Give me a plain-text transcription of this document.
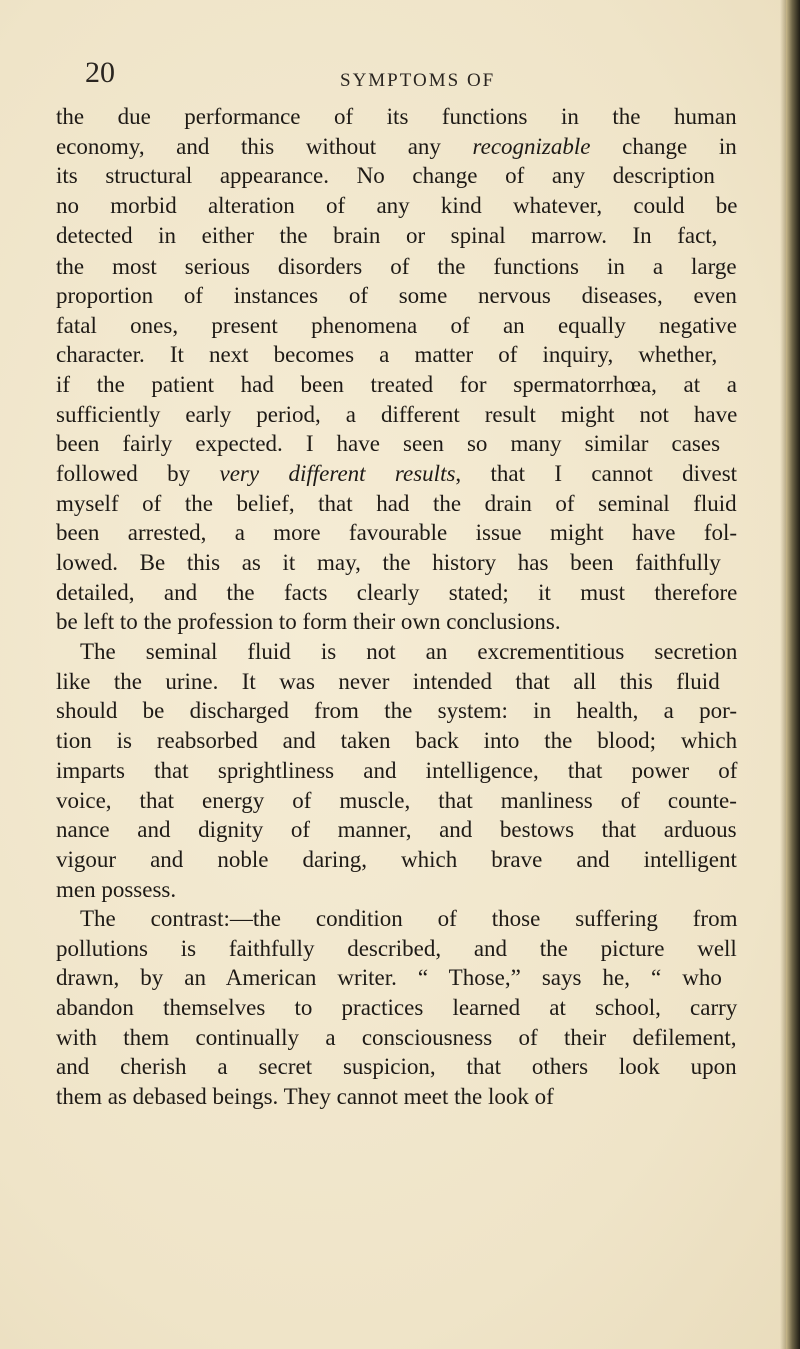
20	SYMPTOMS OF
the due performance of its functions in the human
economy, and this without any recognizable change in
its structural appearance. No change of any description
no morbid alteration of any kind whatever, could be
detected in either the brain or spinal marrow. In fact,
the most serious disorders of the functions in a large
proportion of instances of some nervous diseases, even
fatal ones, present phenomena of an equally negative
character. It next becomes a matter of inquiry, whether,
if the patient had been treated for spermatorrhœa, at a
sufficiently early period, a different result might not have
been fairly expected. I have seen so many similar cases
followed by very different results, that I cannot divest
myself of the belief, that had the drain of seminal fluid
been arrested, a more favourable issue might have fol-
lowed. Be this as it may, the history has been faithfully
detailed, and the facts clearly stated; it must therefore
be left to the profession to form their own conclusions.
The seminal fluid is not an excrementitious secretion
like the urine. It was never intended that all this fluid
should be discharged from the system: in health, a por-
tion is reabsorbed and taken back into the blood; which
imparts that sprightliness and intelligence, that power of
voice, that energy of muscle, that manliness of counte-
nance and dignity of manner, and bestows that arduous
vigour and noble daring, which brave and intelligent
men possess.
The contrast:—the condition of those suffering from
pollutions is faithfully described, and the picture well
drawn, by an American writer. “ Those,” says he, “ who
abandon themselves to practices learned at school, carry
with them continually a consciousness of their defilement,
and cherish a secret suspicion, that others look upon
them as debased beings. They cannot meet the look of
